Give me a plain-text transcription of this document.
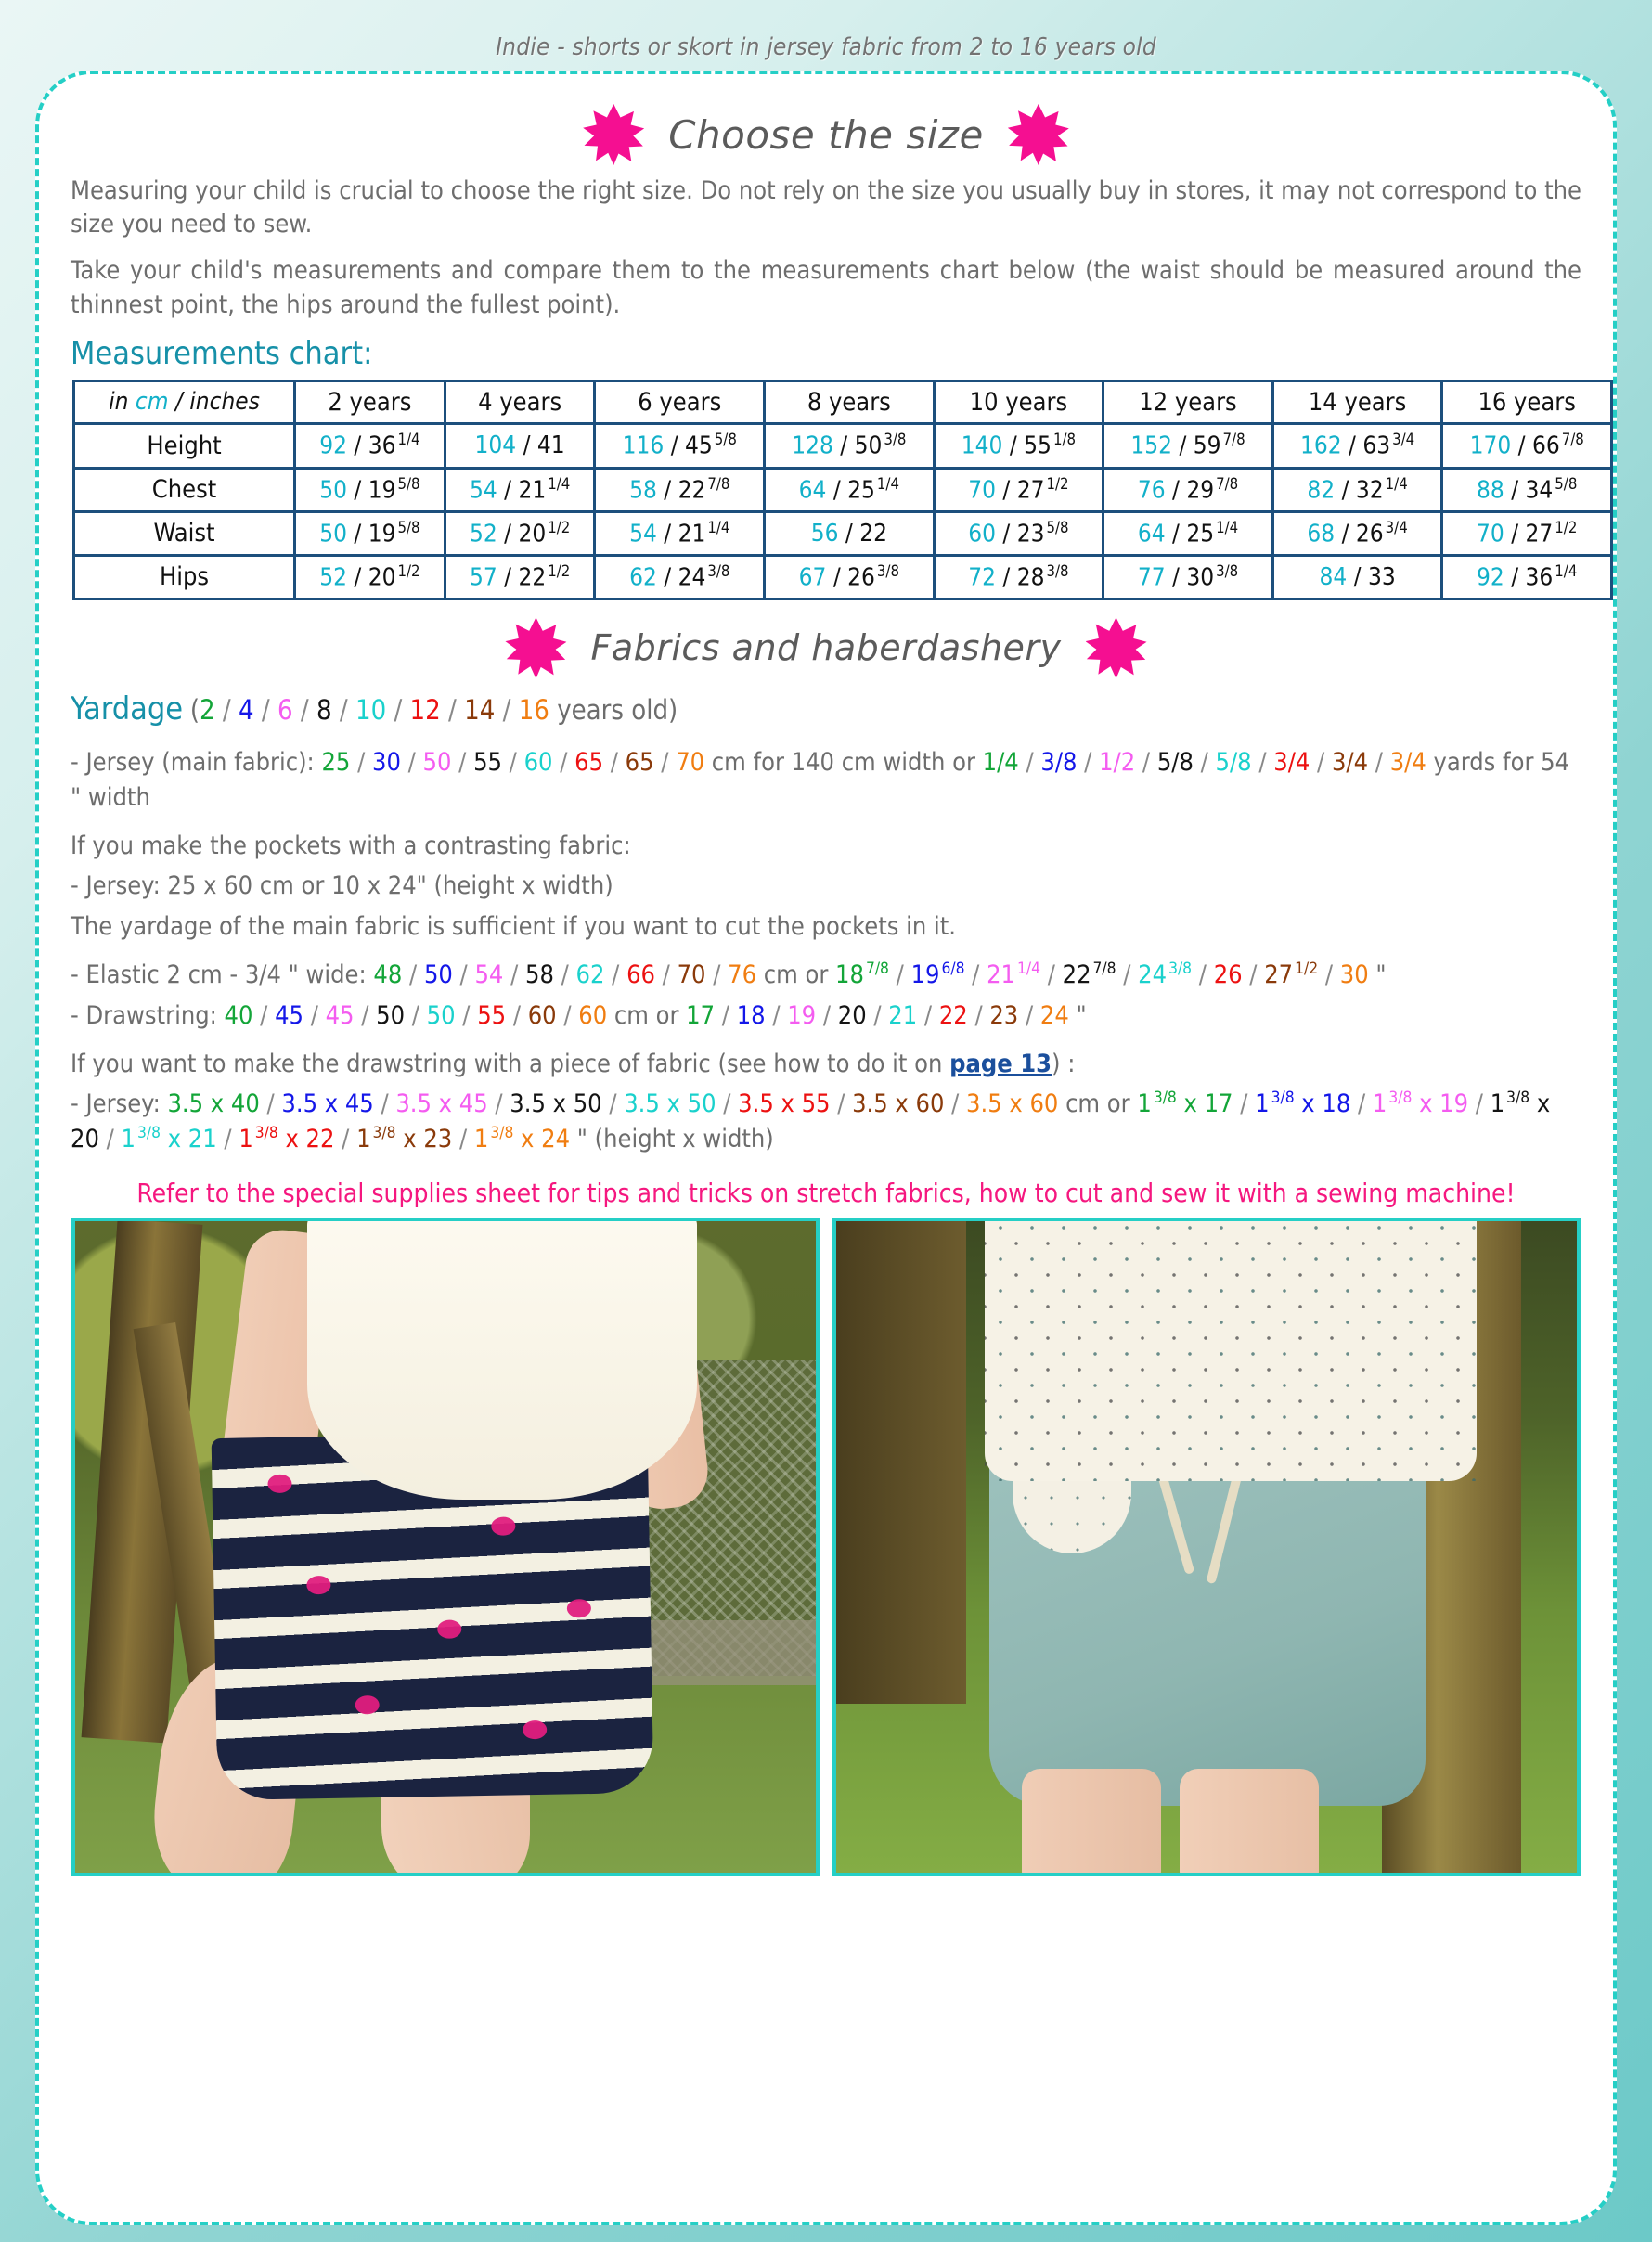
Indie - shorts or skort in jersey fabric from 2 to 16 years old
Choose the size

Measuring your child is crucial to choose the right size. Do not rely on the size you usually buy in stores, it may not correspond to the size you need to sew.

Take your child's measurements and compare them to the measurements chart below (the waist should be measured around the thinnest point, the hips around the fullest point).

Measurements chart:
in cm / inches	2 years	4 years	6 years	8 years	10 years	12 years	14 years	16 years
Height	92 / 36 $^{1/4}$	104 / 41	116 / 45 $^{5/8}$	128 / 50 $^{3/8}$	140 / 55 $^{1/8}$	152 / 59 $^{7/8}$	162 / 63 $^{3/4}$	170 / 66 $^{7/8}$
Chest	50 / 19 $^{5/8}$	54 / 21 $^{1/4}$	58 / 22 $^{7/8}$	64 / 25 $^{1/4}$	70 / 27 $^{1/2}$	76 / 29 $^{7/8}$	82 / 32 $^{1/4}$	88 / 34 $^{5/8}$
Waist	50 / 19 $^{5/8}$	52 / 20 $^{1/2}$	54 / 21 $^{1/4}$	56 / 22	60 / 23 $^{5/8}$	64 / 25 $^{1/4}$	68 / 26 $^{3/4}$	70 / 27 $^{1/2}$
Hips	52 / 20 $^{1/2}$	57 / 22 $^{1/2}$	62 / 24 $^{3/8}$	67 / 26 $^{3/8}$	72 / 28 $^{3/8}$	77 / 30 $^{3/8}$	84 / 33	92 / 36 $^{1/4}$
Fabrics and haberdashery

Yardage (2 / 4 / 6 / 8 / 10 / 12 / 14 / 16 years old)

- Jersey (main fabric): 25 / 30 / 50 / 55 / 60 / 65 / 65 / 70 cm for 140 cm width or 1/4 / 3/8 / 1/2 / 5/8 / 5/8 / 3/4 / 3/4 / 3/4 yards for 54 " width

If you make the pockets with a contrasting fabric:

- Jersey: 25 x 60 cm or 10 x 24" (height x width)

The yardage of the main fabric is sufficient if you want to cut the pockets in it.

- Elastic 2 cm - 3/4 " wide: 48 / 50 / 54 / 58 / 62 / 66 / 70 / 76 cm or 18 $^{7/8}$ / 19 $^{6/8}$ / 21 $^{1/4}$ / 22 $^{7/8}$ / 24 $^{3/8}$ / 26 / 27 $^{1/2}$ / 30 "

- Drawstring: 40 / 45 / 45 / 50 / 50 / 55 / 60 / 60 cm or 17 / 18 / 19 / 20 / 21 / 22 / 23 / 24 "

If you want to make the drawstring with a piece of fabric (see how to do it on page 13) :

- Jersey: 3.5 x 40 / 3.5 x 45 / 3.5 x 45 / 3.5 x 50 / 3.5 x 50 / 3.5 x 55 / 3.5 x 60 / 3.5 x 60 cm or 1 $^{3/8}$ x 17 / 1 $^{3/8}$ x 18 / 1 $^{3/8}$ x 19 / 1 $^{3/8}$ x 20 / 1 $^{3/8}$ x 21 / 1 $^{3/8}$ x 22 / 1 $^{3/8}$ x 23 / 1 $^{3/8}$ x 24 " (height x width)

Refer to the special supplies sheet for tips and tricks on stretch fabrics, how to cut and sew it with a sewing machine!
